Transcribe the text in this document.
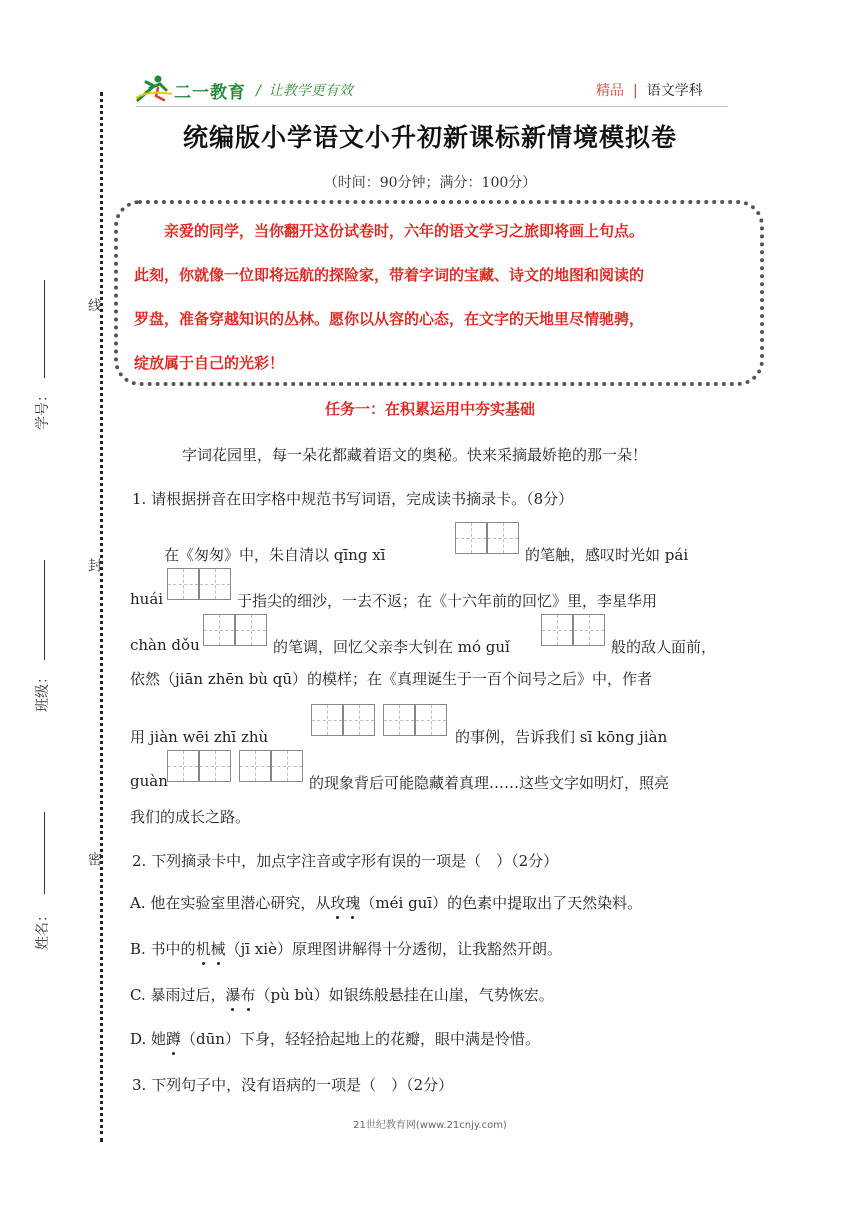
二一教育 / 让教学更有效	精品 | 语文学科
线
封
密
学号：
班级：
姓名：
统编版小学语文小升初新课标新情境模拟卷
（时间：90分钟；满分：100分）
亲爱的同学，当你翻开这份试卷时，六年的语文学习之旅即将画上句点。
此刻，你就像一位即将远航的探险家，带着字词的宝藏、诗文的地图和阅读的
罗盘，准备穿越知识的丛林。愿你以从容的心态，在文字的天地里尽情驰骋，
绽放属于自己的光彩！
任务一：在积累运用中夯实基础
字词花园里，每一朵花都藏着语文的奥秘。快来采摘最娇艳的那一朵！
1. 请根据拼音在田字格中规范书写词语，完成读书摘录卡。（8分）
在《匆匆》中，朱自清以 qīng xī	的笔触，感叹时光如 pái
huái	于指尖的细沙，一去不返；在《十六年前的回忆》里，李星华用
chàn dǒu	的笔调，回忆父亲李大钊在 mó guǐ	般的敌人面前，
依然（jiān zhēn bù qū）的模样；在《真理诞生于一百个问号之后》中，作者
用 jiàn wēi zhī zhù	的事例，告诉我们 sī kōng jiàn
guàn	的现象背后可能隐藏着真理……这些文字如明灯，照亮
我们的成长之路。
2. 下列摘录卡中，加点字注音或字形有误的一项是（　）（2分）
A. 他在实验室里潜心研究，从玫瑰（méi guī）的色素中提取出了天然染料。
B. 书中的机械（jī xiè）原理图讲解得十分透彻，让我豁然开朗。
C. 暴雨过后，瀑布（pù bù）如银练般悬挂在山崖，气势恢宏。
D. 她蹲（dūn）下身，轻轻拾起地上的花瓣，眼中满是怜惜。
3. 下列句子中，没有语病的一项是（　）（2分）
21世纪教育网(www.21cnjy.com)
